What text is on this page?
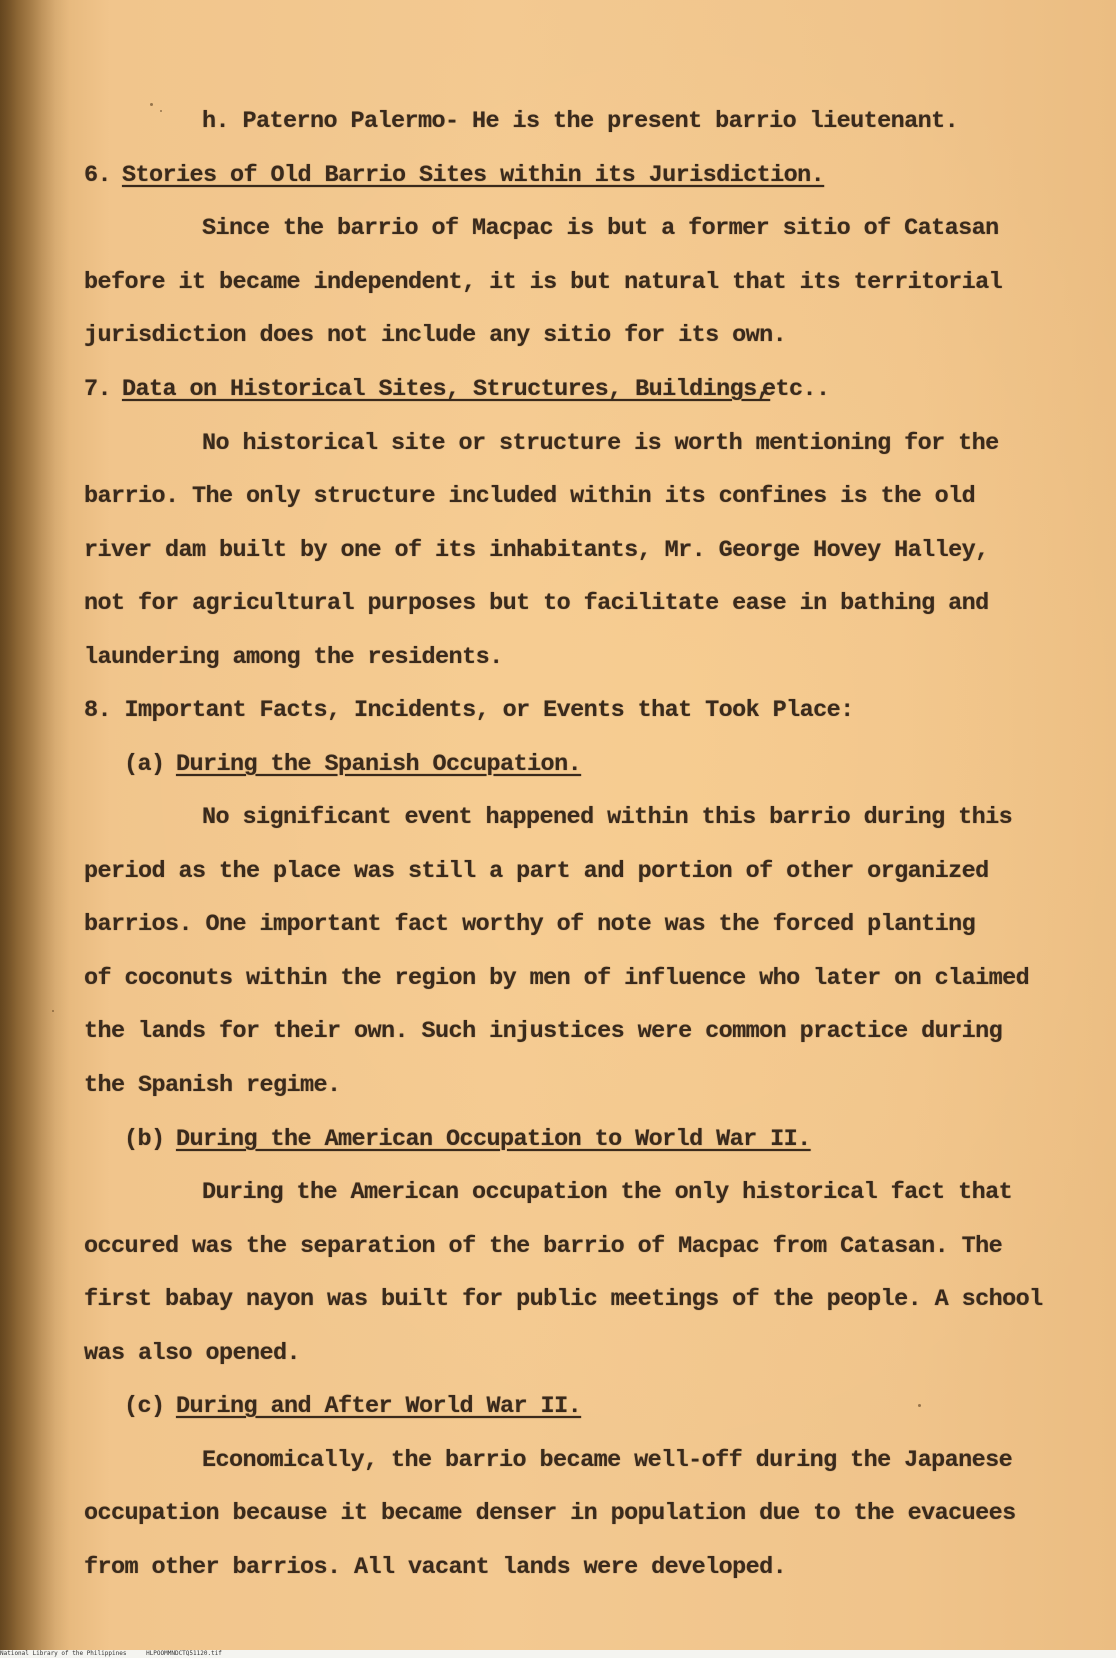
h. Paterno Palermo- He is the present barrio lieutenant.
6. Stories of Old Barrio Sites within its Jurisdiction.
Since the barrio of Macpac is but a former sitio of Catasan
before it became independent, it is but natural that its territorial
jurisdiction does not include any sitio for its own.
7. Data on Historical Sites, Structures, Buildings,
etc..
No historical site or structure is worth mentioning for the
barrio. The only structure included within its confines is the old
river dam built by one of its inhabitants, Mr. George Hovey Halley,
not for agricultural purposes but to facilitate ease in bathing and
laundering among the residents.
8. Important Facts, Incidents, or Events that Took Place:
(a) During the Spanish Occupation.
No significant event happened within this barrio during this
period as the place was still a part and portion of other organized
barrios. One important fact worthy of note was the forced planting
of coconuts within the region by men of influence who later on claimed
the lands for their own. Such injustices were common practice during
the Spanish regime.
(b) During the American Occupation to World War II.
During the American occupation the only historical fact that
occured was the separation of the barrio of Macpac from Catasan. The
first babay nayon was built for public meetings of the people. A school
was also opened.
(c) During and After World War II.
Economically, the barrio became well-off during the Japanese
occupation because it became denser in population due to the evacuees
from other barrios. All vacant lands were developed.
National Library of the Philippines	HLPOOMMNDCTQ51120.tif
